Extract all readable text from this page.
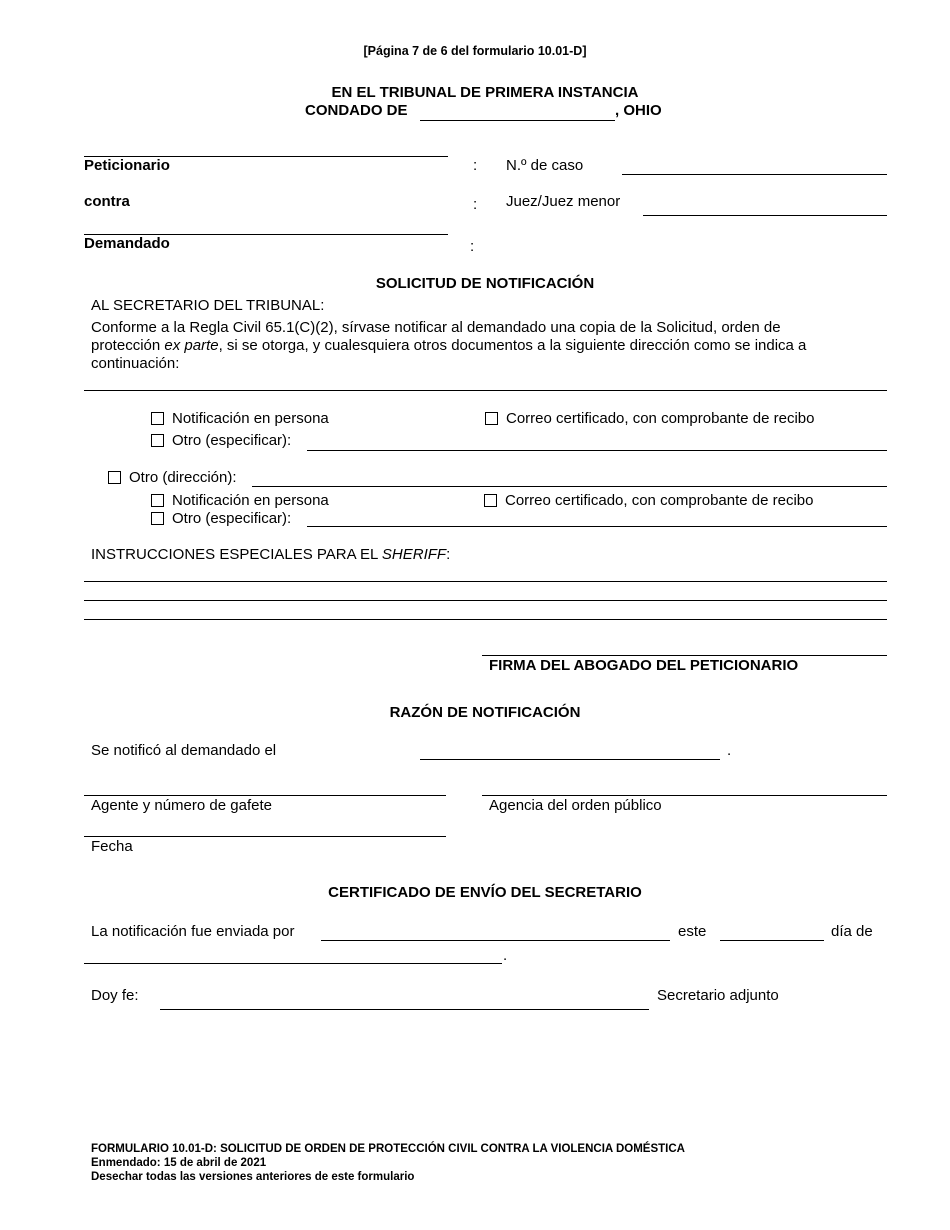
[Página 7 de 6 del formulario 10.01-D]
EN EL TRIBUNAL DE PRIMERA INSTANCIA
CONDADO DE	, OHIO
Peticionario	: N.º de caso
contra	: Juez/Juez menor
Demandado	:
SOLICITUD DE NOTIFICACIÓN
AL SECRETARIO DEL TRIBUNAL:
Conforme a la Regla Civil 65.1(C)(2), sírvase notificar al demandado una copia de la Solicitud, orden de
protección ex parte, si se otorga, y cualesquiera otros documentos a la siguiente dirección como se indica a
continuación:
Notificación en persona	Correo certificado, con comprobante de recibo
Otro (especificar):
Otro (dirección):
Notificación en persona	Correo certificado, con comprobante de recibo
Otro (especificar):
INSTRUCCIONES ESPECIALES PARA EL SHERIFF:
FIRMA DEL ABOGADO DEL PETICIONARIO
RAZÓN DE NOTIFICACIÓN
Se notificó al demandado el	.
Agente y número de gafete	Agencia del orden público
Fecha
CERTIFICADO DE ENVÍO DEL SECRETARIO
La notificación fue enviada por	este	día de
.
Doy fe:	Secretario adjunto
FORMULARIO 10.01-D: SOLICITUD DE ORDEN DE PROTECCIÓN CIVIL CONTRA LA VIOLENCIA DOMÉSTICA
Enmendado: 15 de abril de 2021
Desechar todas las versiones anteriores de este formulario
